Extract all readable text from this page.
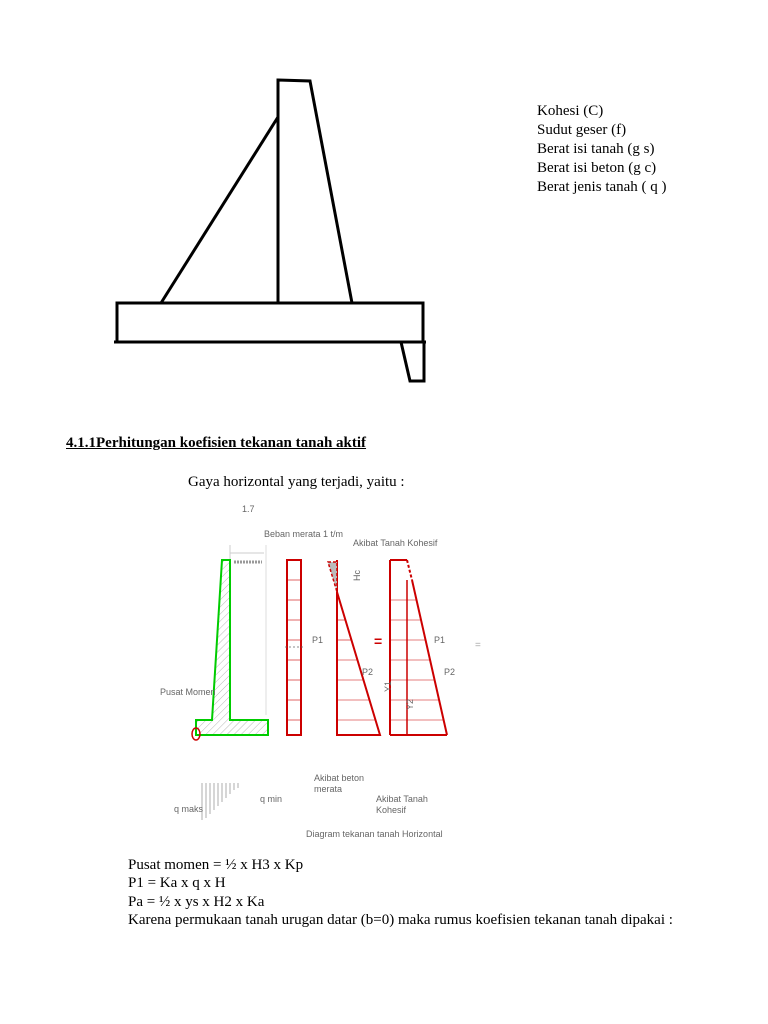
Kohesi (C)
Sudut geser (f)
Berat isi tanah (g s)
Berat isi beton (g c)
Berat jenis tanah ( q )
4.1.1Perhitungan koefisien tekanan tanah aktif
Gaya horizontal yang terjadi, yaitu :
1.7
Beban merata 1 t/m
Akibat Tanah Kohesif
Pusat Momen
P1
Hc
P2
=	P1
P2
Y1
Y2
=
q maks
q min
Akibat beton
merata
Akibat Tanah
Kohesif
Diagram tekanan tanah Horizontal
Pusat momen = ½ x H3 x Kp
P1 = Ka x q x H
Pa = ½ x ys x H2 x Ka
Karena permukaan tanah urugan datar (b=0) maka rumus koefisien tekanan tanah dipakai :
